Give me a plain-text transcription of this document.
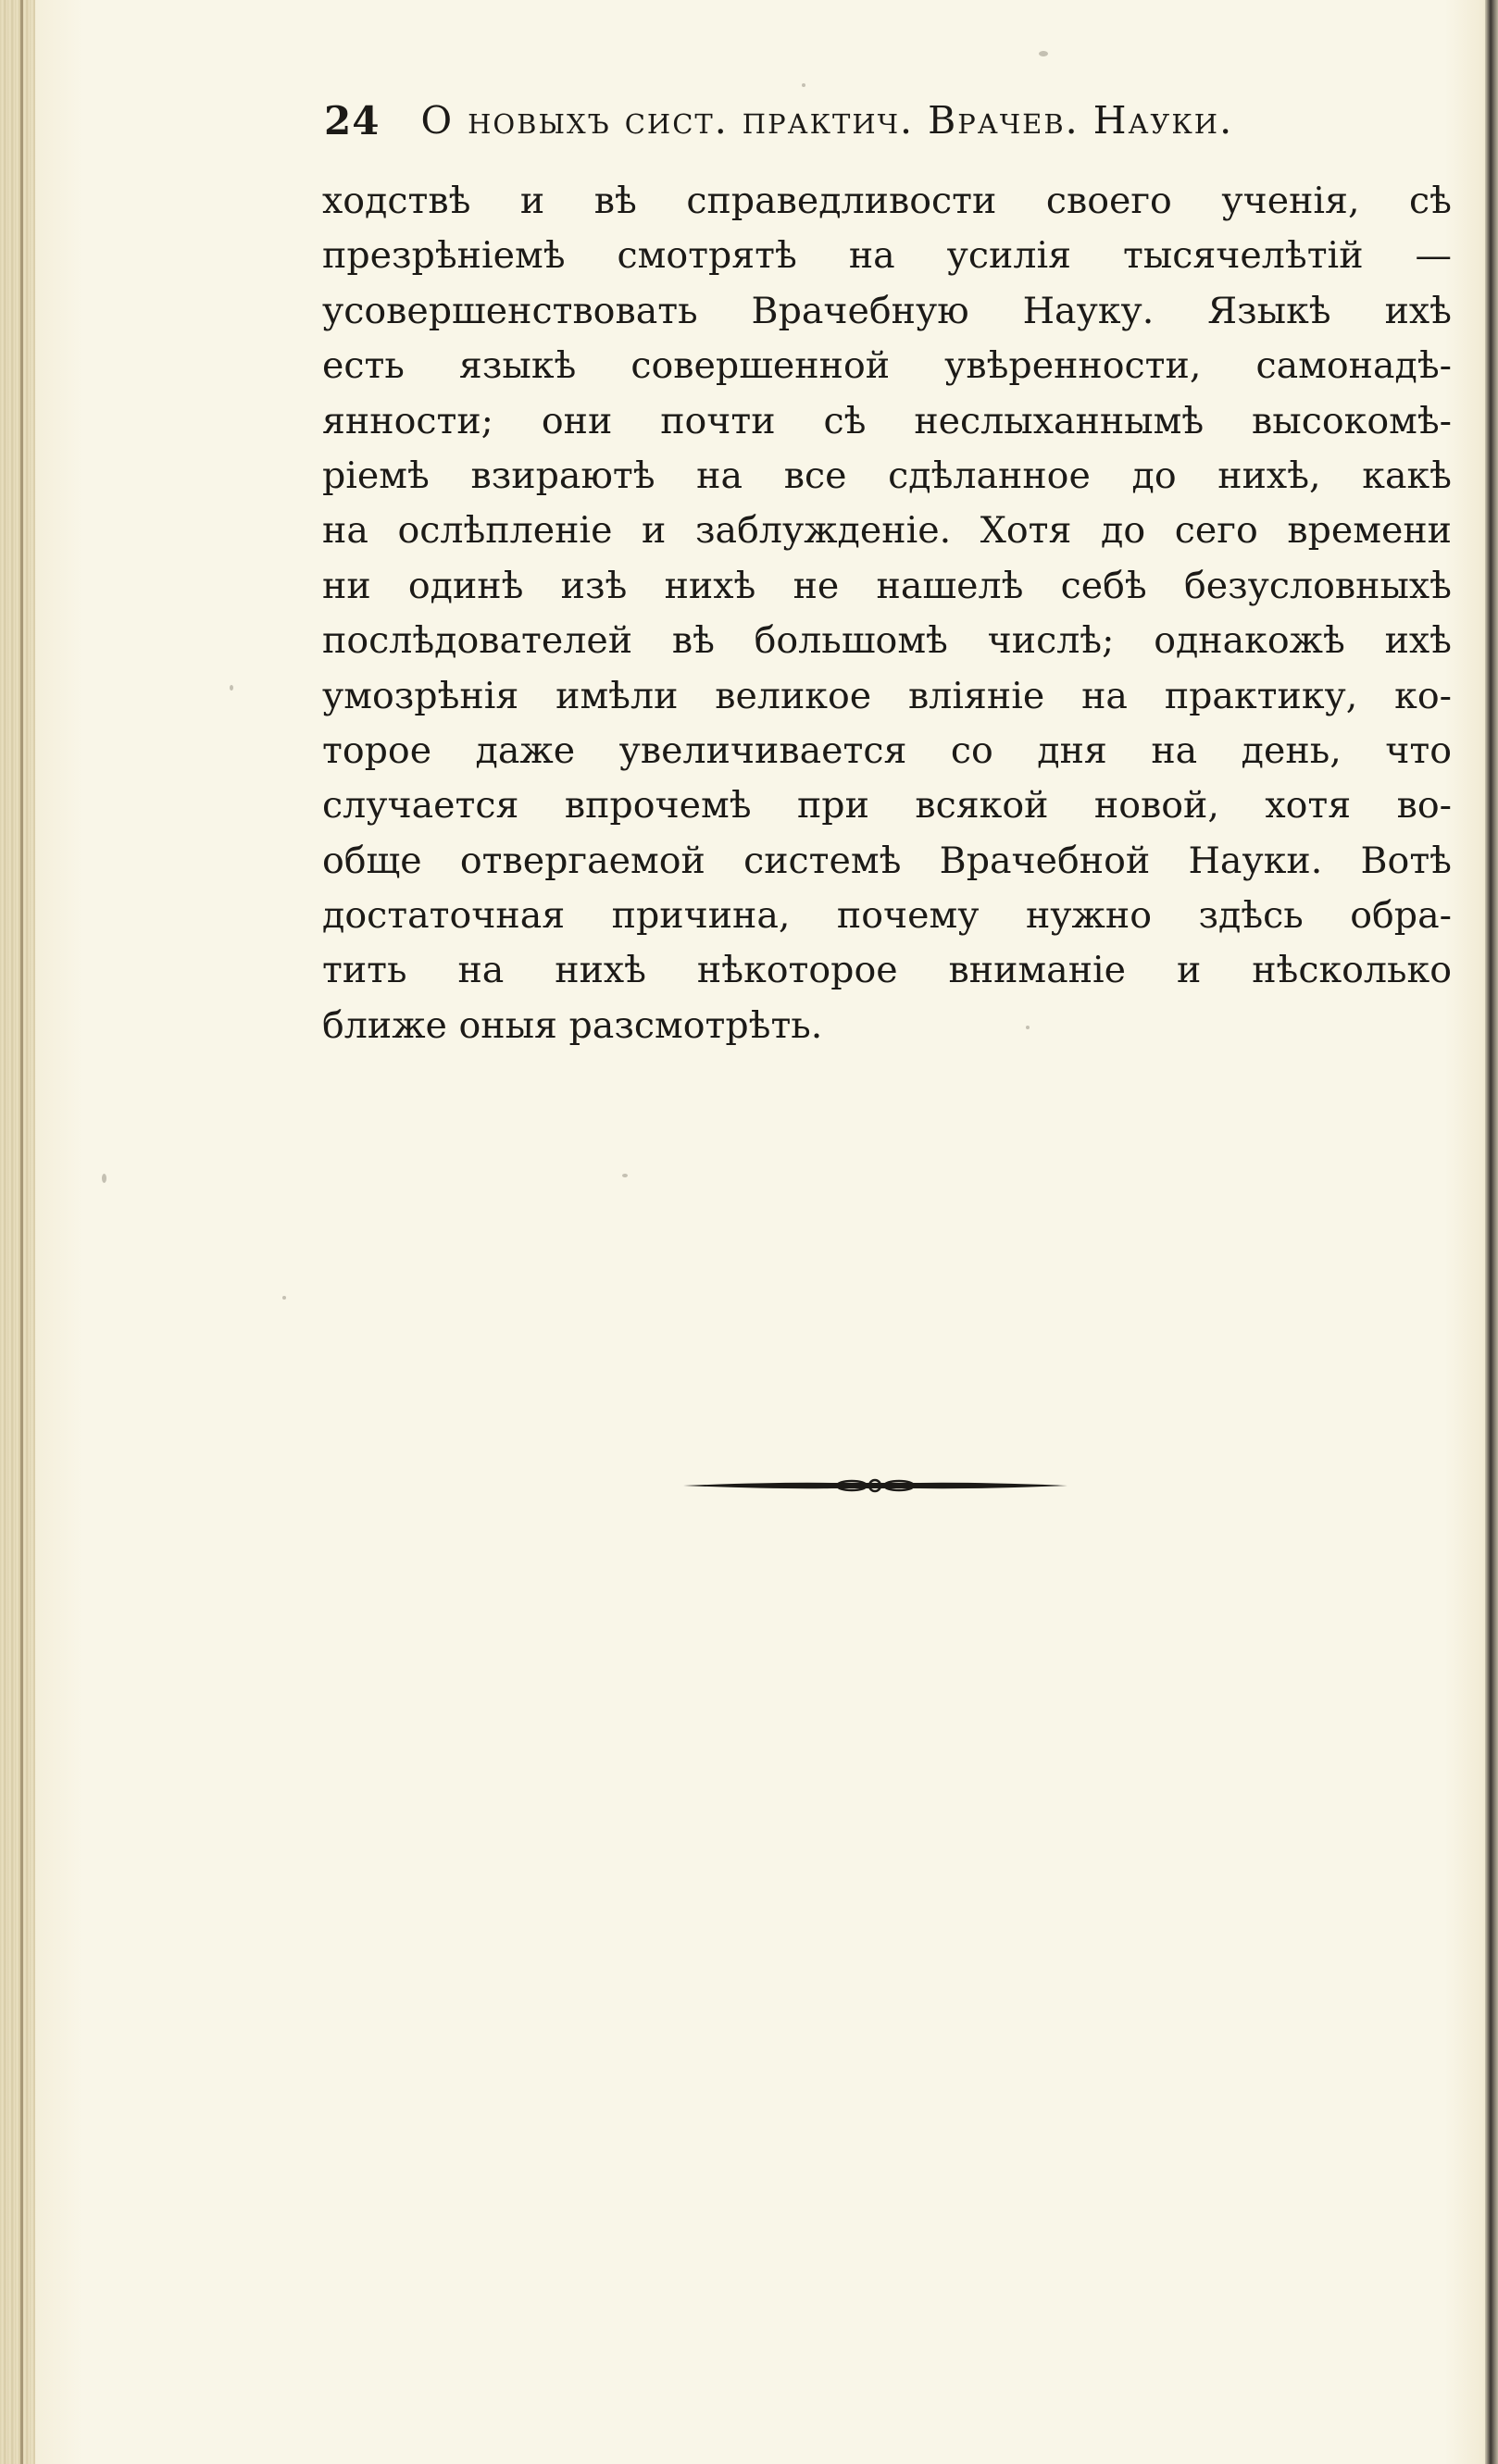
24 О новыхъ сист. практич. Врачев. Науки.
ходствѣ и вѣ справедливости своего ученія, сѣ
презрѣніемѣ смотрятѣ на усилія тысячелѣтій —
усовершенствовать Врачебную Науку. Языкѣ ихѣ
есть языкѣ совершенной увѣренности, самонадѣ-
янности; они почти сѣ неслыханнымѣ высокомѣ-
ріемѣ взираютѣ на все сдѣланное до нихѣ, какѣ
на ослѣпленіе и заблужденіе. Хотя до сего времени
ни одинѣ изѣ нихѣ не нашелѣ себѣ безусловныхѣ
послѣдователей вѣ большомѣ числѣ; однакожѣ ихѣ
умозрѣнія имѣли великое вліяніе на практику, ко-
торое даже увеличивается со дня на день, что
случается впрочемѣ при всякой новой, хотя во-
обще отвергаемой системѣ Врачебной Науки. Вотѣ
достаточная причина, почему нужно здѣсь обра-
тить на нихѣ нѣкоторое вниманіе и нѣсколько
ближе оныя разсмотрѣть.
